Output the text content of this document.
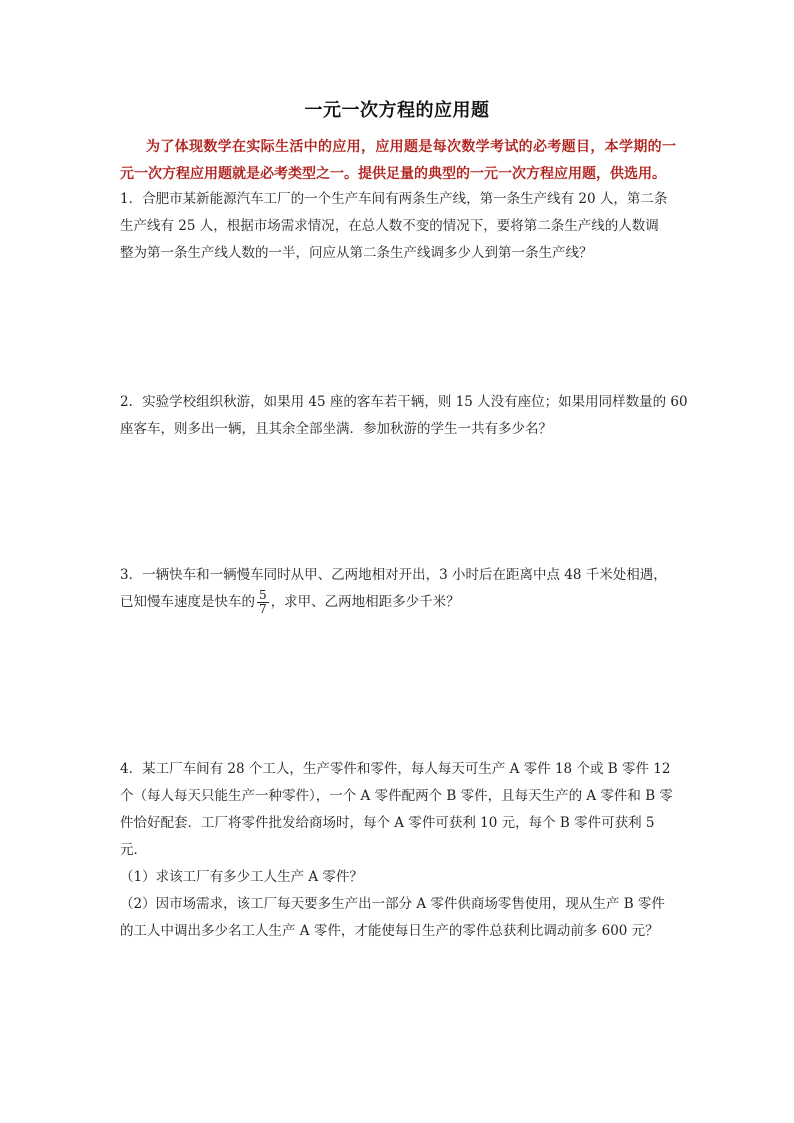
一元一次方程的应用题
为了体现数学在实际生活中的应用，应用题是每次数学考试的必考题目，本学期的一元一次方程应用题就是必考类型之一。提供足量的典型的一元一次方程应用题，供选用。
1．合肥市某新能源汽车工厂的一个生产车间有两条生产线，第一条生产线有 20 人，第二条
生产线有 25 人，根据市场需求情况，在总人数不变的情况下，要将第二条生产线的人数调
整为第一条生产线人数的一半，问应从第二条生产线调多少人到第一条生产线？
2．实验学校组织秋游，如果用 45 座的客车若干辆，则 15 人没有座位；如果用同样数量的 60
座客车，则多出一辆，且其余全部坐满．参加秋游的学生一共有多少名？
3．一辆快车和一辆慢车同时从甲、乙两地相对开出，3 小时后在距离中点 48 千米处相遇，
已知慢车速度是快车的 $\frac{5}{7}$ ，求甲、乙两地相距多少千米？
4．某工厂车间有 28 个工人，生产零件和零件，每人每天可生产 A 零件 18 个或 B 零件 12
个（每人每天只能生产一种零件），一个 A 零件配两个 B 零件，且每天生产的 A 零件和 B 零
件恰好配套．工厂将零件批发给商场时，每个 A 零件可获利 10 元，每个 B 零件可获利 5
元．
（1）求该工厂有多少工人生产 A 零件？
（2）因市场需求，该工厂每天要多生产出一部分 A 零件供商场零售使用，现从生产 B 零件
的工人中调出多少名工人生产 A 零件，才能使每日生产的零件总获利比调动前多 600 元？
